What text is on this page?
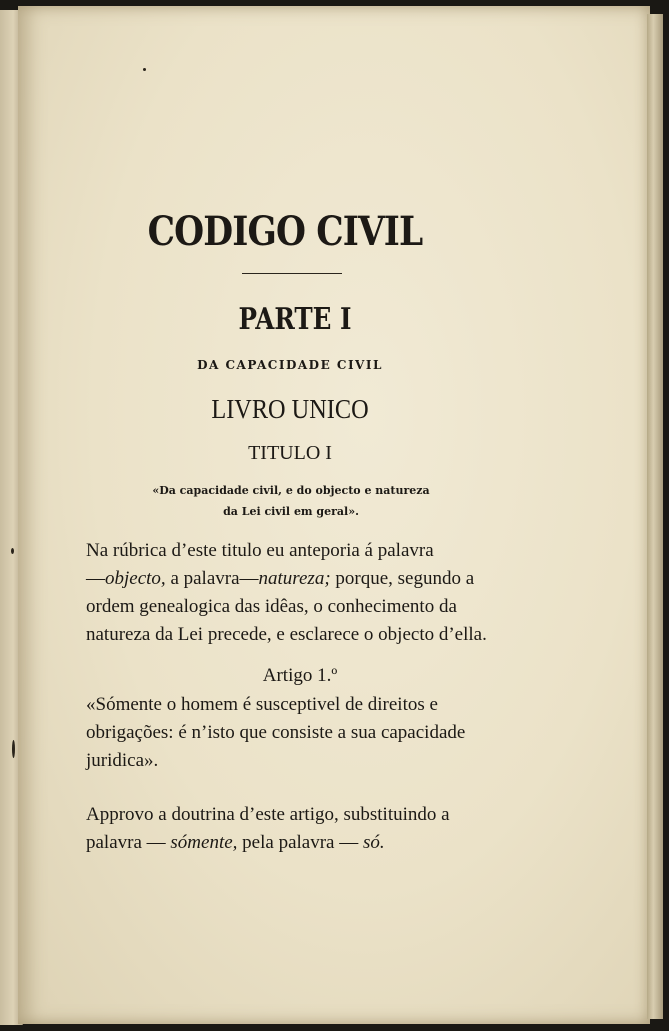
CODIGO CIVIL
PARTE I
DA CAPACIDADE CIVIL
LIVRO UNICO
TITULO I
«Da capacidade civil, e do objecto e natureza
da Lei civil em geral».
Na rúbrica d’este titulo eu anteporia á palavra
—objecto, a palavra—natureza; porque, segundo a
ordem genealogica das idêas, o conhecimento da
natureza da Lei precede, e esclarece o objecto d’ella.
Artigo 1.º
«Sómente o homem é susceptivel de direitos e
obrigações: é n’isto que consiste a sua capacidade
juridica».
Approvo a doutrina d’este artigo, substituindo a
palavra — sómente, pela palavra — só.
